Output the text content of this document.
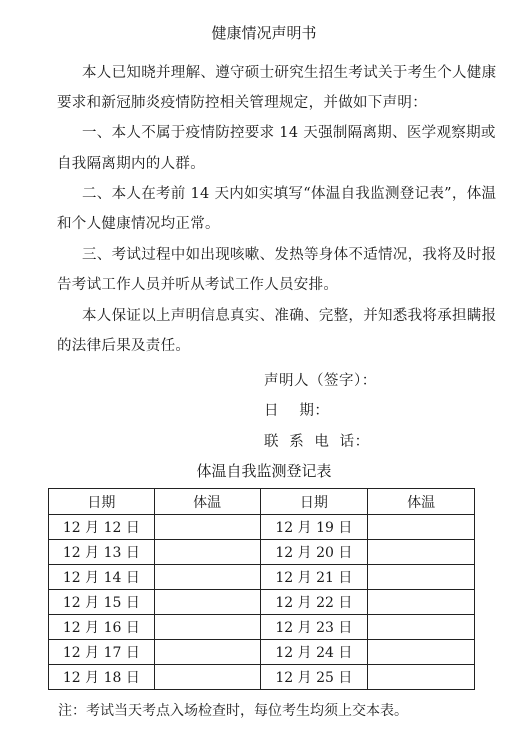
健康情况声明书
本人已知晓并理解、遵守硕士研究生招生考试关于考生个人健康
要求和新冠肺炎疫情防控相关管理规定，并做如下声明：
一、本人不属于疫情防控要求 14 天强制隔离期、医学观察期或
自我隔离期内的人群。
二、本人在考前 14 天内如实填写“体温自我监测登记表”，体温
和个人健康情况均正常。
三、考试过程中如出现咳嗽、发热等身体不适情况，我将及时报
告考试工作人员并听从考试工作人员安排。
本人保证以上声明信息真实、准确、完整，并知悉我将承担瞒报
的法律后果及责任。
声明人（签字）：
日    期：
联  系  电  话：
体温自我监测登记表
日期	体温	日期	体温
12 月 12 日		12 月 19 日	
12 月 13 日		12 月 20 日	
12 月 14 日		12 月 21 日	
12 月 15 日		12 月 22 日	
12 月 16 日		12 月 23 日	
12 月 17 日		12 月 24 日	
12 月 18 日		12 月 25 日	
注：考试当天考点入场检查时，每位考生均须上交本表。
